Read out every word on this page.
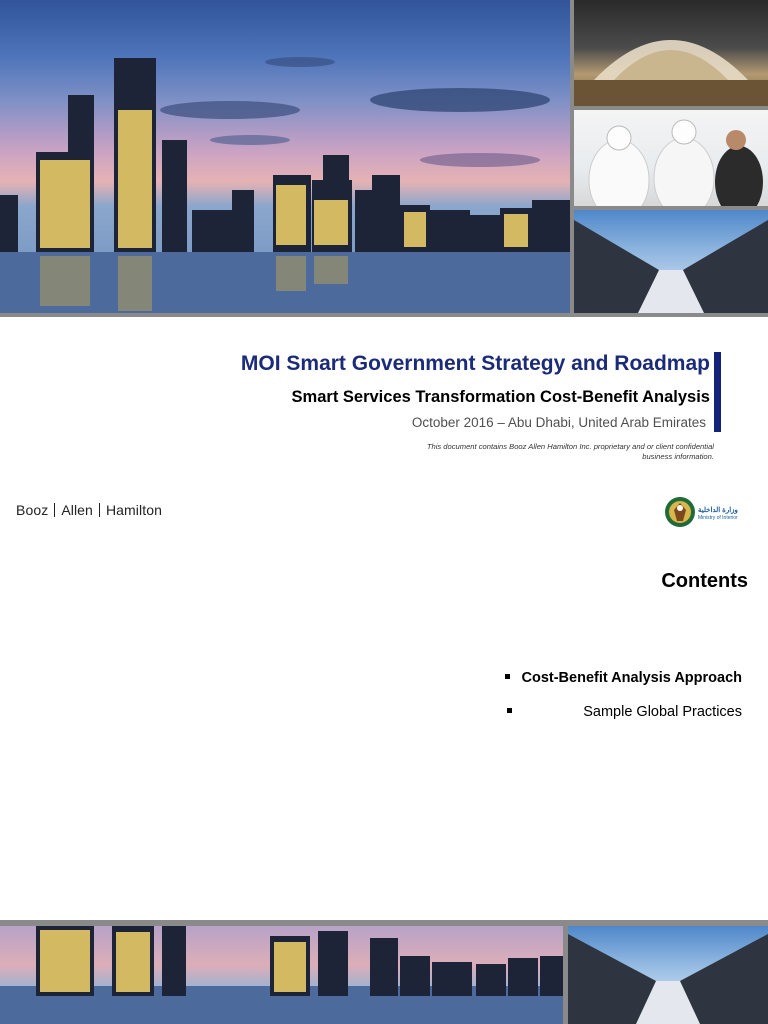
MOI Smart Government Strategy and Roadmap
Smart Services Transformation Cost-Benefit Analysis
October 2016 – Abu Dhabi, United Arab Emirates
This document contains Booz Allen Hamilton Inc. proprietary and or client confidential business information.
Booz Allen Hamilton	وزارة الداخلية
Ministry of Interior
Contents
Cost-Benefit Analysis Approach
Sample Global Practices
